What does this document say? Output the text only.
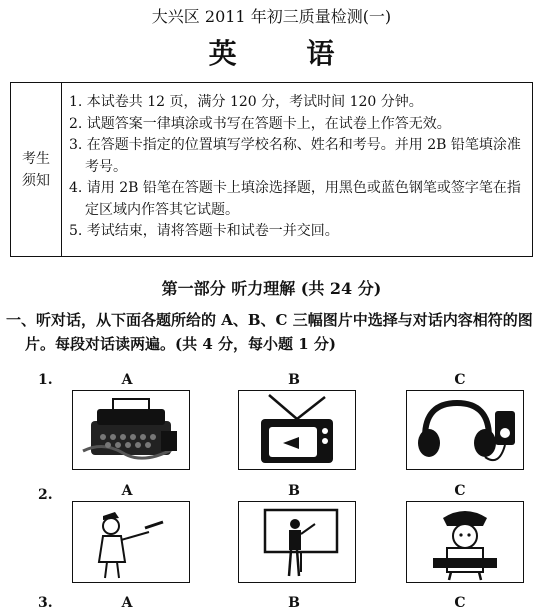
大兴区 2011 年初三质量检测(一)
英 语
考生
须知

1. 本试卷共 12 页，满分 120 分，考试时间 120 分钟。

2. 试题答案一律填涂或书写在答题卡上，在试卷上作答无效。

3. 在答题卡指定的位置填写学校名称、姓名和考号。并用 2B 铅笔填涂准考号。

4. 请用 2B 铅笔在答题卡上填涂选择题，用黑色或蓝色钢笔或签字笔在指定区域内作答其它试题。

5. 考试结束，请将答题卡和试卷一并交回。

第一部分 听力理解 (共 24 分)
一、听对话，从下面各题所给的 A、B、C 三幅图片中选择与对话内容相符的图
片。每段对话读两遍。(共 4 分，每小题 1 分)
1.	A	B	C
2.	A	B	C
3.	A	B	C
